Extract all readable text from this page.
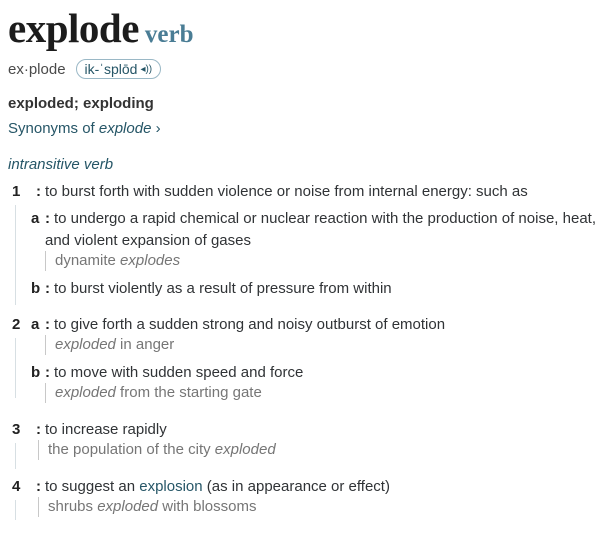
explode verb
ex·plode ik-ˈsplōd ◂))
exploded; exploding
Synonyms of explode ›
intransitive verb
1 : to burst forth with sudden violence or noise from internal energy: such as
a : to undergo a rapid chemical or nuclear reaction with the production of noise, heat,
and violent expansion of gases
dynamite explodes
b : to burst violently as a result of pressure from within
2 a : to give forth a sudden strong and noisy outburst of emotion
exploded in anger
b : to move with sudden speed and force
exploded from the starting gate
3 : to increase rapidly
the population of the city exploded
4 : to suggest an explosion (as in appearance or effect)
shrubs exploded with blossoms
